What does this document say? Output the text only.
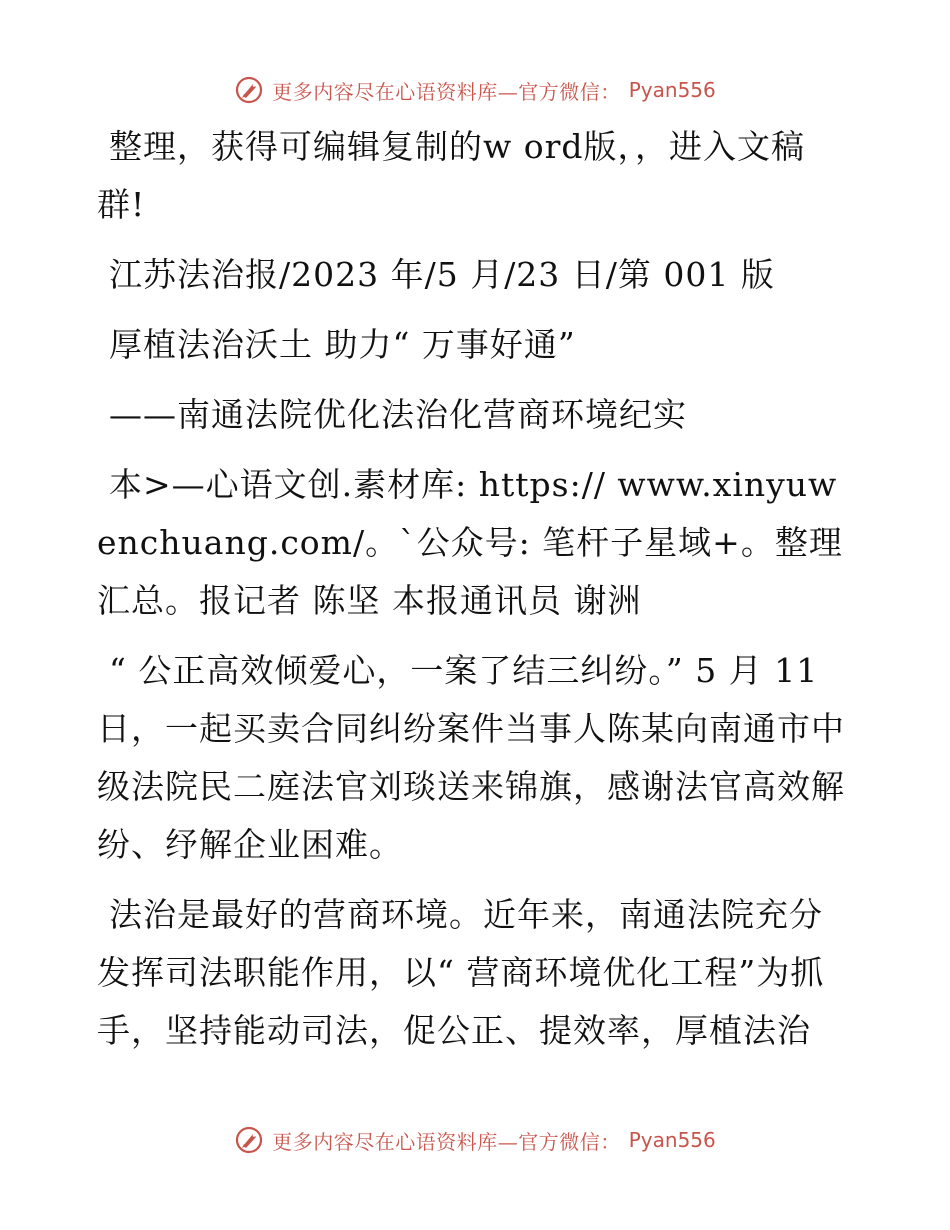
更多内容尽在心语资料库—官方微信： Pyan556

整理，获得可编辑复制的w ord版，，进入文稿群!

江苏法治报/2023 年/5 月/23 日/第 001 版

厚植法治沃土 助力“ 万事好通”

——南通法院优化法治化营商环境纪实

本>—心语文创.素材库: https:// www.xinyuwenchuang.com/。`公众号: 笔杆子星域+。整理汇总。报记者 陈坚 本报通讯员 谢洲

“ 公正高效倾爱心，一案了结三纠纷。” 5 月 11 日，一起买卖合同纠纷案件当事人陈某向南通市中级法院民二庭法官刘琰送来锦旗，感谢法官高效解纷、纾解企业困难。

法治是最好的营商环境。近年来，南通法院充分发挥司法职能作用，以“ 营商环境优化工程”为抓手，坚持能动司法，促公正、提效率，厚植法治

更多内容尽在心语资料库—官方微信： Pyan556
